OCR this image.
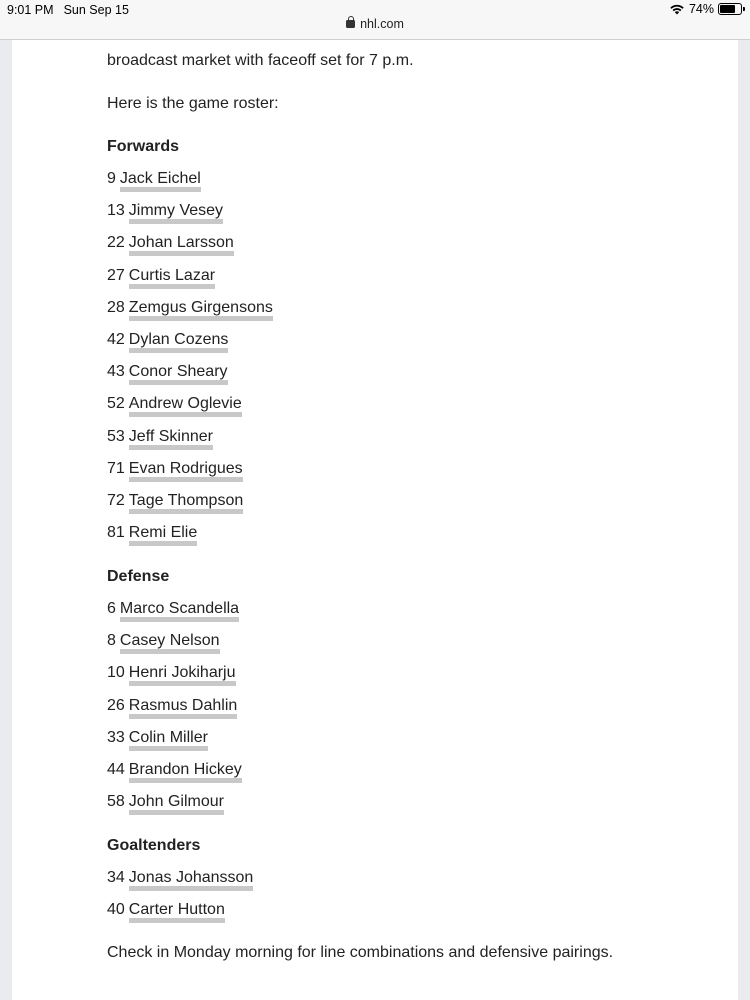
9:01 PM Sun Sep 15
nhl.com
74%
broadcast market with faceoff set for 7 p.m.
Here is the game roster:
Forwards
9 Jack Eichel
13 Jimmy Vesey
22 Johan Larsson
27 Curtis Lazar
28 Zemgus Girgensons
42 Dylan Cozens
43 Conor Sheary
52 Andrew Oglevie
53 Jeff Skinner
71 Evan Rodrigues
72 Tage Thompson
81 Remi Elie
Defense
6 Marco Scandella
8 Casey Nelson
10 Henri Jokiharju
26 Rasmus Dahlin
33 Colin Miller
44 Brandon Hickey
58 John Gilmour
Goaltenders
34 Jonas Johansson
40 Carter Hutton
Check in Monday morning for line combinations and defensive pairings.
